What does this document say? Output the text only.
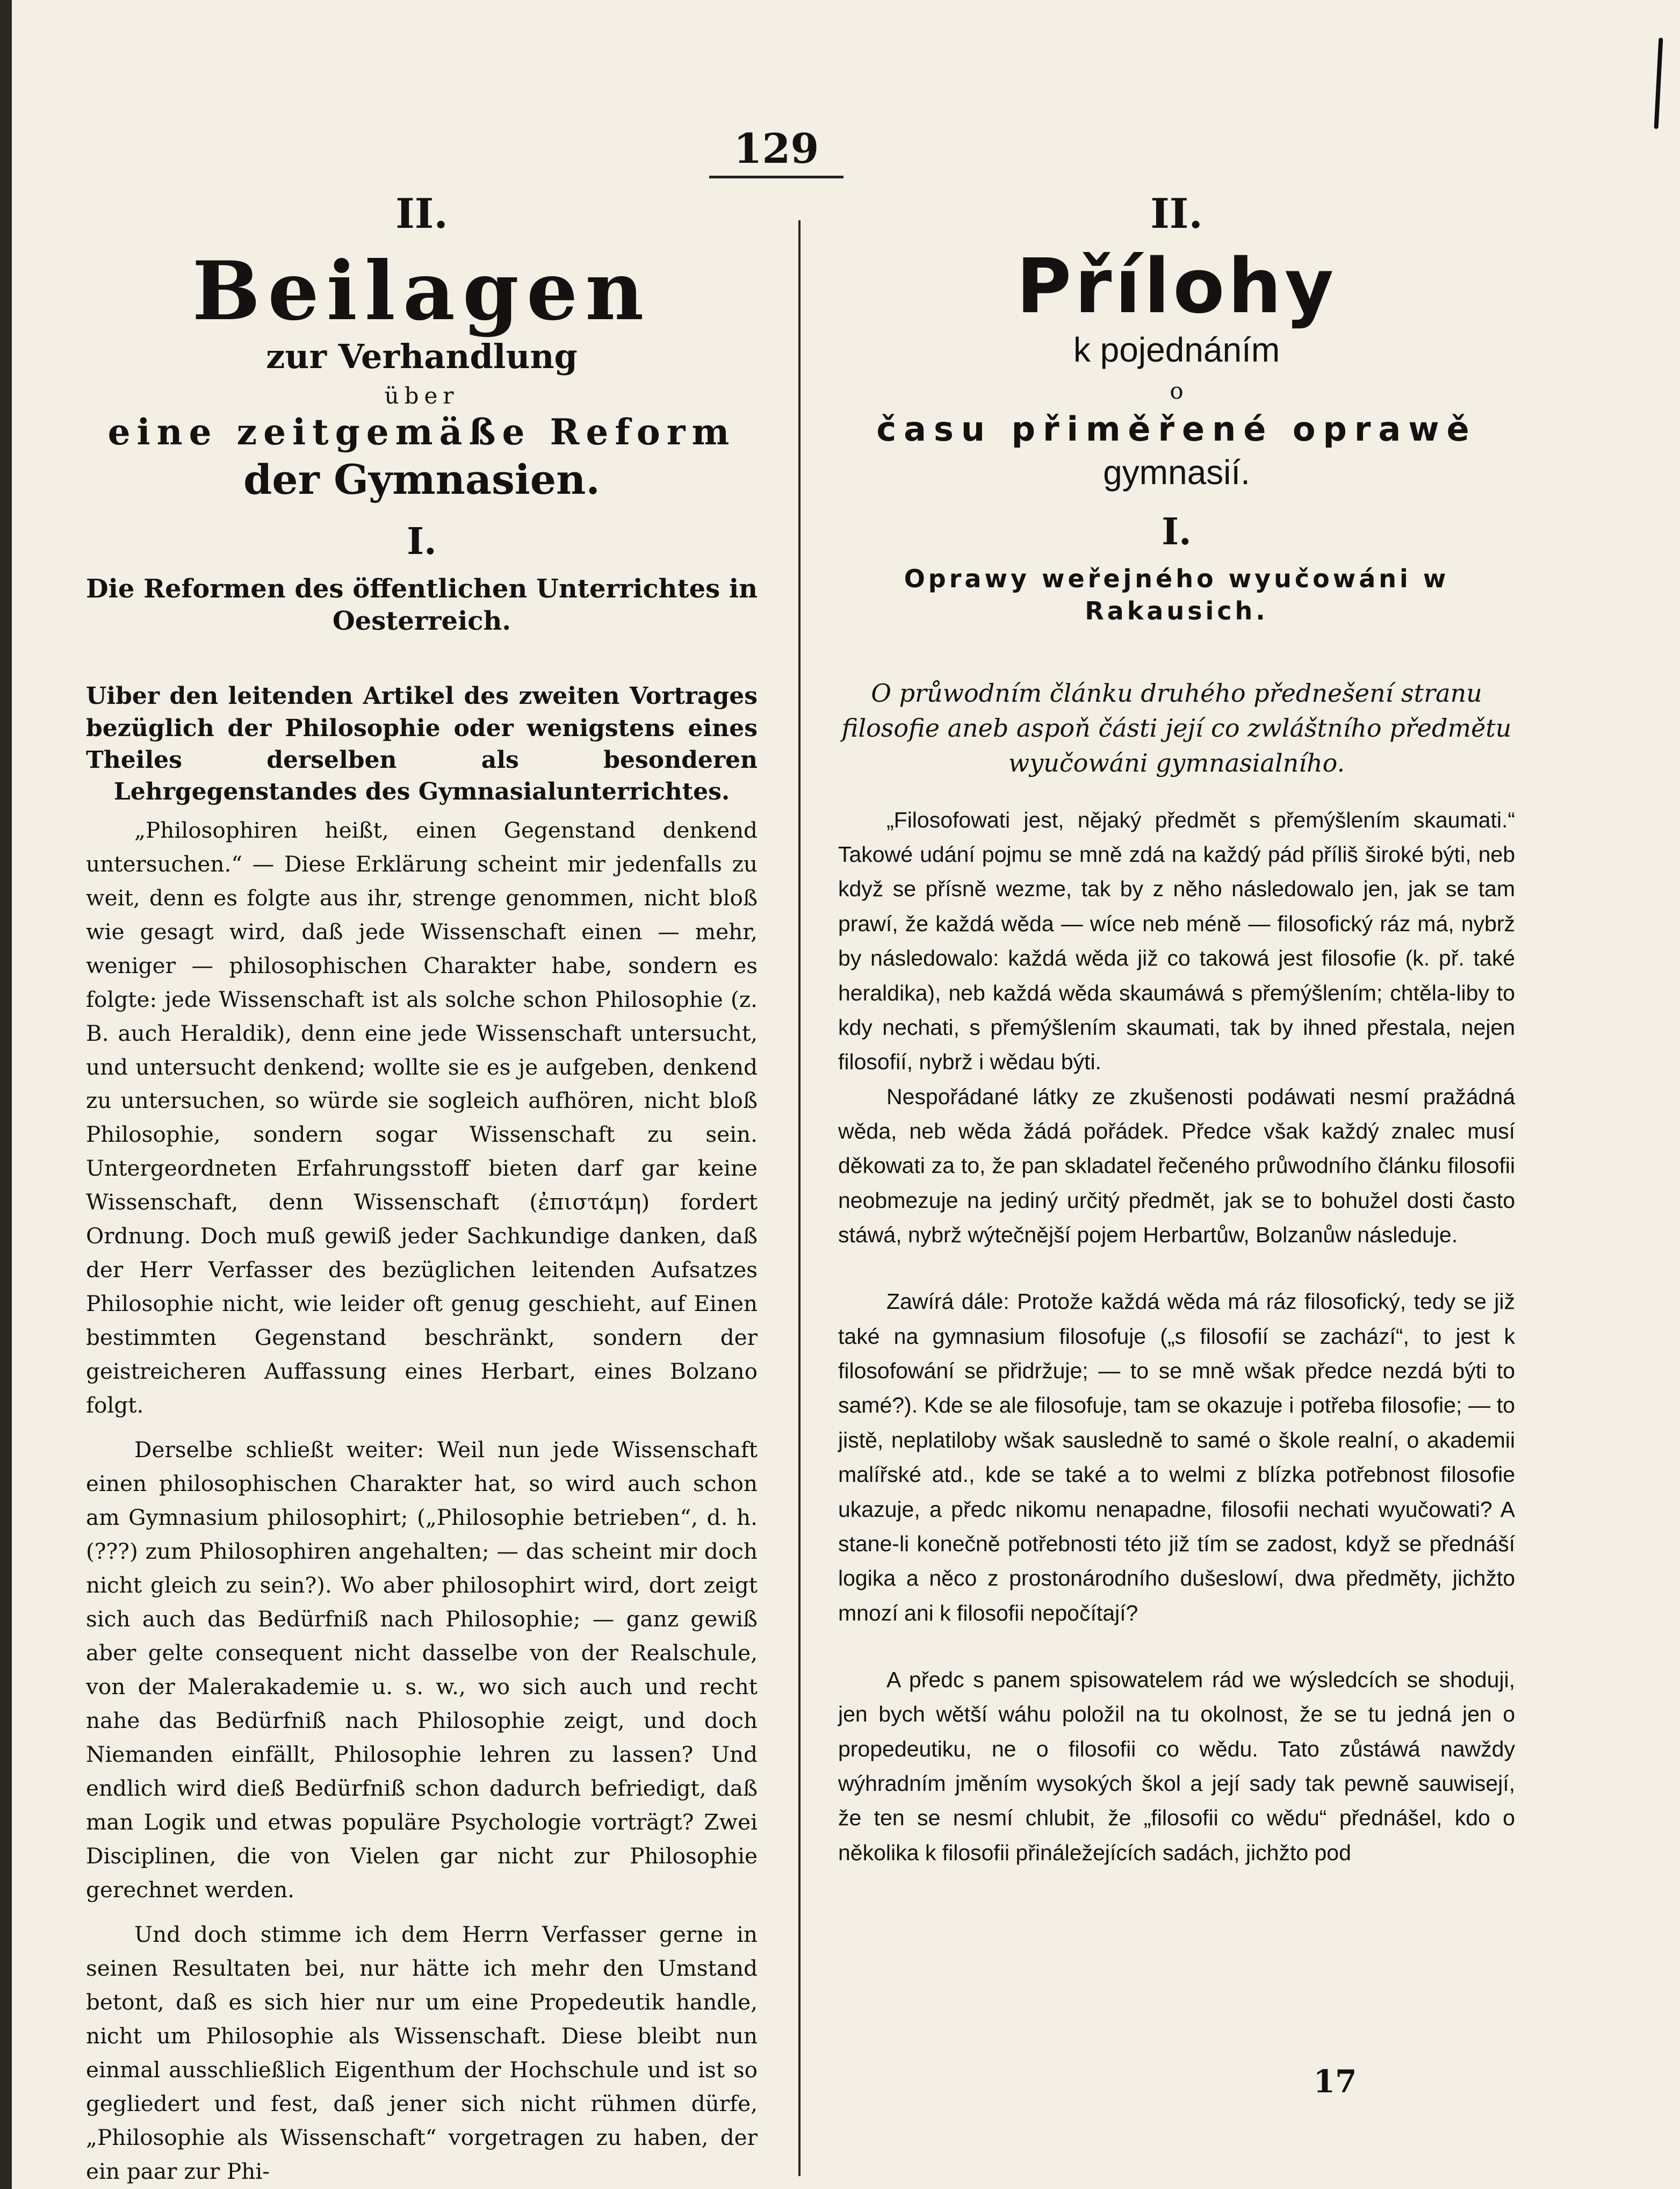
129
II.
Beilagen
zur Verhandlung
über
eine zeitgemäße Reform
der Gymnasien.
I.
Die Reformen des öffentlichen Unterrichtes in Oesterreich.
Uiber den leitenden Artikel des zweiten Vortrages bezüglich der Philosophie oder wenigstens eines Theiles derselben als besonderen Lehrgegenstandes des Gymnasialunterrichtes.

„Philosophiren heißt, einen Gegenstand denkend untersuchen.“ — Diese Erklärung scheint mir jedenfalls zu weit, denn es folgte aus ihr, strenge genommen, nicht bloß wie gesagt wird, daß jede Wissenschaft einen — mehr, weniger — philosophischen Charakter habe, sondern es folgte: jede Wissenschaft ist als solche schon Philosophie (z. B. auch Heraldik), denn eine jede Wissenschaft untersucht, und untersucht denkend; wollte sie es je aufgeben, denkend zu untersuchen, so würde sie sogleich aufhören, nicht bloß Philosophie, sondern sogar Wissenschaft zu sein. Untergeordneten Erfahrungsstoff bieten darf gar keine Wissenschaft, denn Wissenschaft (ἐπιστάμη) fordert Ordnung. Doch muß gewiß jeder Sachkundige danken, daß der Herr Verfasser des bezüglichen leitenden Aufsatzes Philosophie nicht, wie leider oft genug geschieht, auf Einen bestimmten Gegenstand beschränkt, sondern der geistreicheren Auffassung eines Herbart, eines Bolzano folgt.

Derselbe schließt weiter: Weil nun jede Wissenschaft einen philosophischen Charakter hat, so wird auch schon am Gymnasium philosophirt; („Philosophie betrieben“, d. h. (???) zum Philosophiren angehalten; — das scheint mir doch nicht gleich zu sein?). Wo aber philosophirt wird, dort zeigt sich auch das Bedürfniß nach Philosophie; — ganz gewiß aber gelte consequent nicht dasselbe von der Realschule, von der Malerakademie u. s. w., wo sich auch und recht nahe das Bedürfniß nach Philosophie zeigt, und doch Niemanden einfällt, Philosophie lehren zu lassen? Und endlich wird dieß Bedürfniß schon dadurch befriedigt, daß man Logik und etwas populäre Psychologie vorträgt? Zwei Disciplinen, die von Vielen gar nicht zur Philosophie gerechnet werden.

Und doch stimme ich dem Herrn Verfasser gerne in seinen Resultaten bei, nur hätte ich mehr den Umstand betont, daß es sich hier nur um eine Propedeutik handle, nicht um Philosophie als Wissenschaft. Diese bleibt nun einmal ausschließlich Eigenthum der Hochschule und ist so gegliedert und fest, daß jener sich nicht rühmen dürfe, „Philosophie als Wissenschaft“ vorgetragen zu haben, der ein paar zur Phi-

II.
Přílohy
k pojednáním
o
času přiměřené oprawě
gymnasií.
I.
Oprawy weřejného wyučowáni w Rakausich.
O průwodním článku druhého přednešení stranu filosofie aneb aspoň části její co zwláštního předmětu wyučowáni gymnasialního.

„Filosofowati jest, nějaký předmět s přemýšlením skaumati.“ Takowé udání pojmu se mně zdá na každý pád příliš široké býti, neb když se přísně wezme, tak by z něho následowalo jen, jak se tam prawí, že každá wěda — wíce neb méně — filosofický ráz má, nybrž by následowalo: každá wěda již co takowá jest filosofie (k. př. také heraldika), neb každá wěda skaumáwá s přemýšlením; chtěla-liby to kdy nechati, s přemýšlením skaumati, tak by ihned přestala, nejen filosofií, nybrž i wědau býti.

Nespořádané látky ze zkušenosti podáwati nesmí pražádná wěda, neb wěda žádá pořádek. Předce však každý znalec musí děkowati za to, že pan skladatel řečeného průwodního článku filosofii neobmezuje na jediný určitý předmět, jak se to bohužel dosti často stáwá, nybrž wýtečnější pojem Herbartůw, Bolzanůw následuje.

Zawírá dále: Protože každá wěda má ráz filosofický, tedy se již také na gymnasium filosofuje („s filosofií se zachází“, to jest k filosofowání se přidržuje; — to se mně wšak předce nezdá býti to samé?). Kde se ale filosofuje, tam se okazuje i potřeba filosofie; — to jistě, neplatiloby wšak sausledně to samé o škole realní, o akademii malířské atd., kde se také a to welmi z blízka potřebnost filosofie ukazuje, a předc nikomu nenapadne, filosofii nechati wyučowati? A stane-li konečně potřebnosti této již tím se zadost, když se přednáší logika a něco z prostonárodního dušeslowí, dwa předměty, jichžto mnozí ani k filosofii nepočítají?

A předc s panem spisowatelem rád we wýsledcích se shoduji, jen bych wětší wáhu položil na tu okolnost, že se tu jedná jen o propedeutiku, ne o filosofii co wědu. Tato zůstáwá nawždy wýhradním jměním wysokých škol a její sady tak pewně sauwisejí, že ten se nesmí chlubit, že „filosofii co wědu“ přednášel, kdo o několika k filosofii přináležejících sadách, jichžto pod

17
